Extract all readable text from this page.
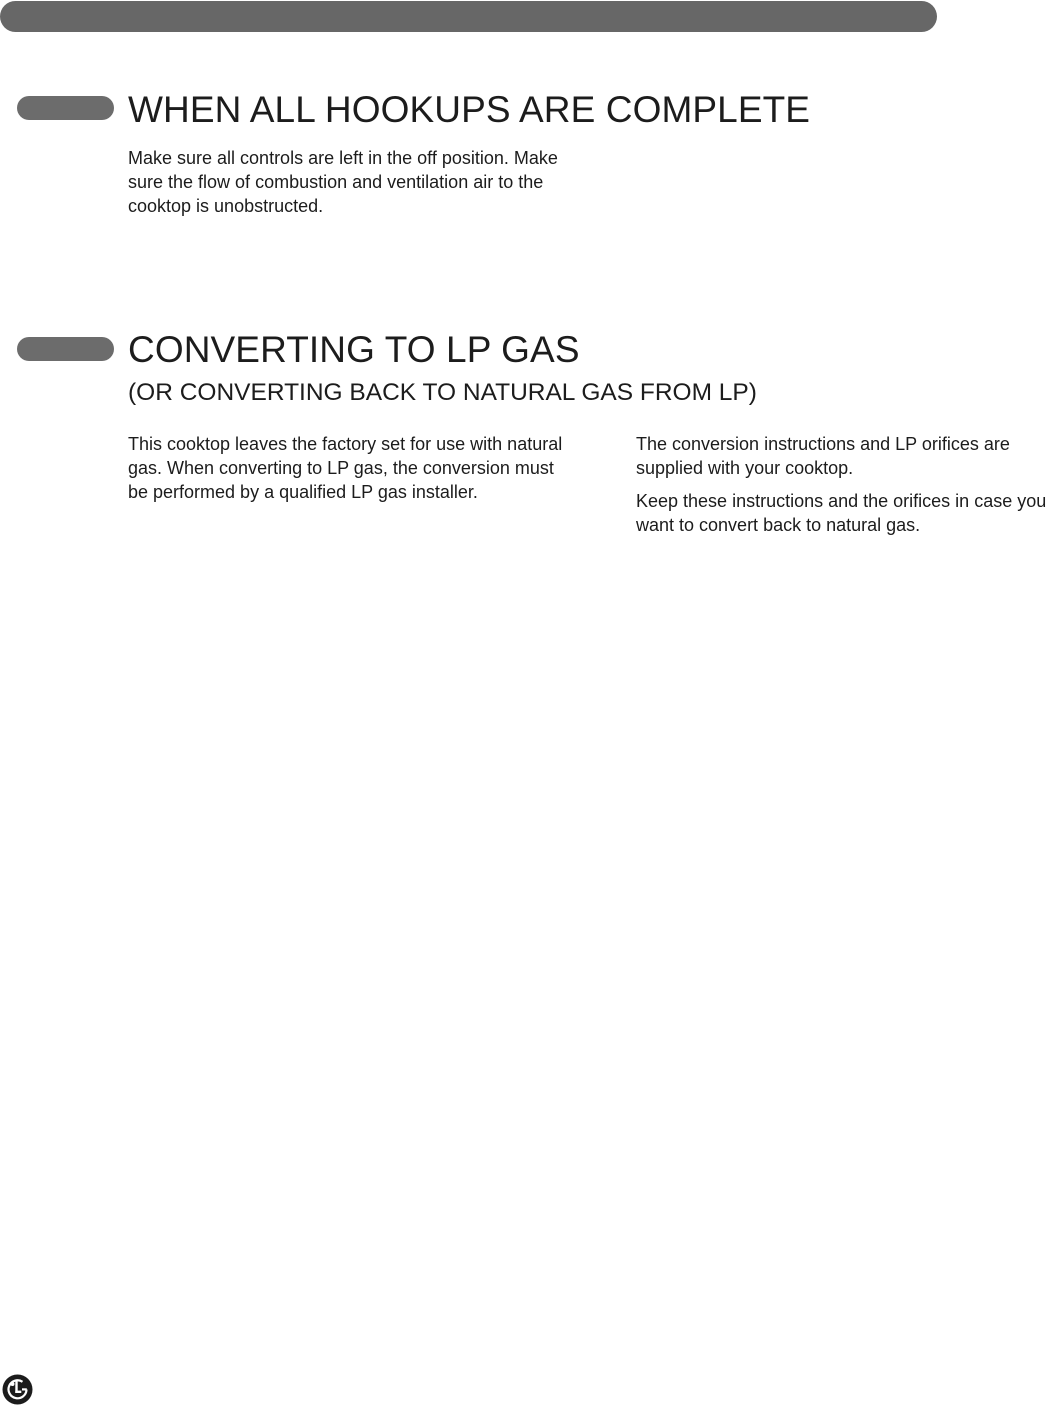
WHEN ALL HOOKUPS ARE COMPLETE

Make sure all controls are left in the off position. Make sure the flow of combustion and ventilation air to the cooktop is unobstructed.

CONVERTING TO LP GAS
(OR CONVERTING BACK TO NATURAL GAS FROM LP)

This cooktop leaves the factory set for use with natural gas. When converting to LP gas, the conversion must be performed by a qualified LP gas installer.

The conversion instructions and LP orifices are supplied with your cooktop.

Keep these instructions and the orifices in case you want to convert back to natural gas.
